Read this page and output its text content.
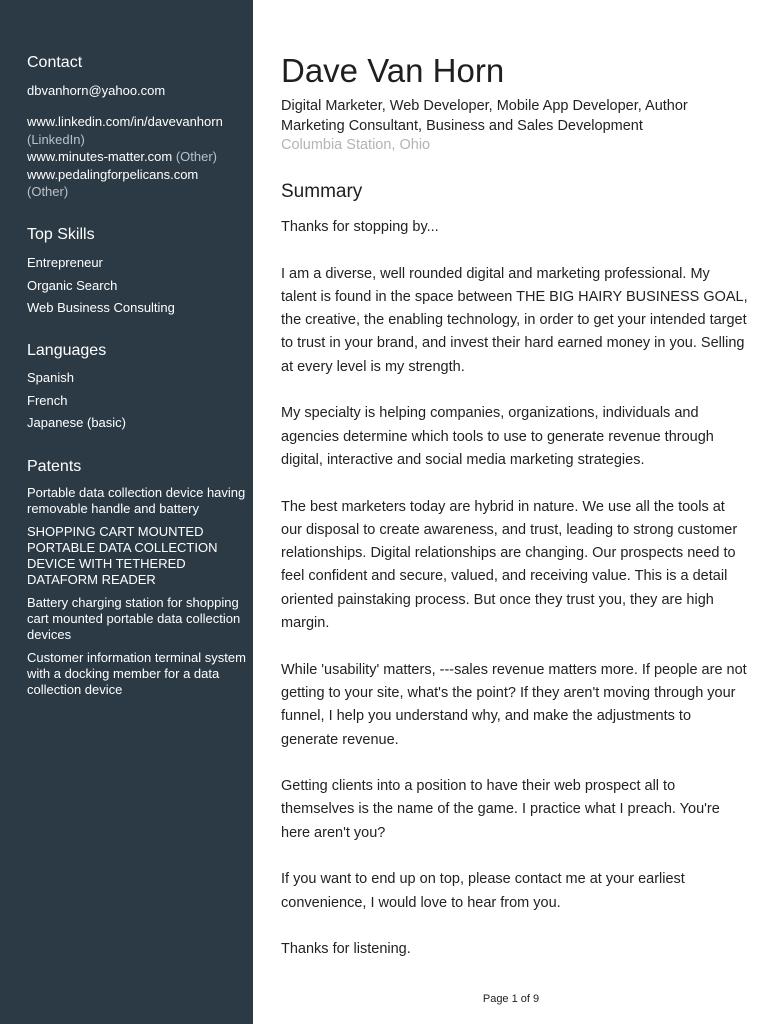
Contact
dbvanhorn@yahoo.com
www.linkedin.com/in/davevanhorn
(LinkedIn)
www.minutes-matter.com (Other)
www.pedalingforpelicans.com
(Other)
Top Skills
Entrepreneur
Organic Search
Web Business Consulting
Languages
Spanish
French
Japanese (basic)
Patents
Portable data collection device having removable handle and battery
SHOPPING CART MOUNTED PORTABLE DATA COLLECTION DEVICE WITH TETHERED DATAFORM READER
Battery charging station for shopping cart mounted portable data collection devices
Customer information terminal system with a docking member for a data collection device
Dave Van Horn
Digital Marketer, Web Developer, Mobile App Developer, Author Marketing Consultant, Business and Sales Development
Columbia Station, Ohio
Summary

Thanks for stopping by...

I am a diverse, well rounded digital and marketing professional. My talent is found in the space between THE BIG HAIRY BUSINESS GOAL, the creative, the enabling technology, in order to get your intended target to trust in your brand, and invest their hard earned money in you. Selling at every level is my strength.

My specialty is helping companies, organizations, individuals and agencies determine which tools to use to generate revenue through digital, interactive and social media marketing strategies.

The best marketers today are hybrid in nature. We use all the tools at our disposal to create awareness, and trust, leading to strong customer relationships. Digital relationships are changing. Our prospects need to feel confident and secure, valued, and receiving value. This is a detail oriented painstaking process. But once they trust you, they are high margin.

While 'usability' matters, ---sales revenue matters more. If people are not getting to your site, what's the point? If they aren't moving through your funnel, I help you understand why, and make the adjustments to generate revenue.

Getting clients into a position to have their web prospect all to themselves is the name of the game. I practice what I preach. You're here aren't you?

If you want to end up on top, please contact me at your earliest convenience, I would love to hear from you.

Thanks for listening.

Page 1 of 9
